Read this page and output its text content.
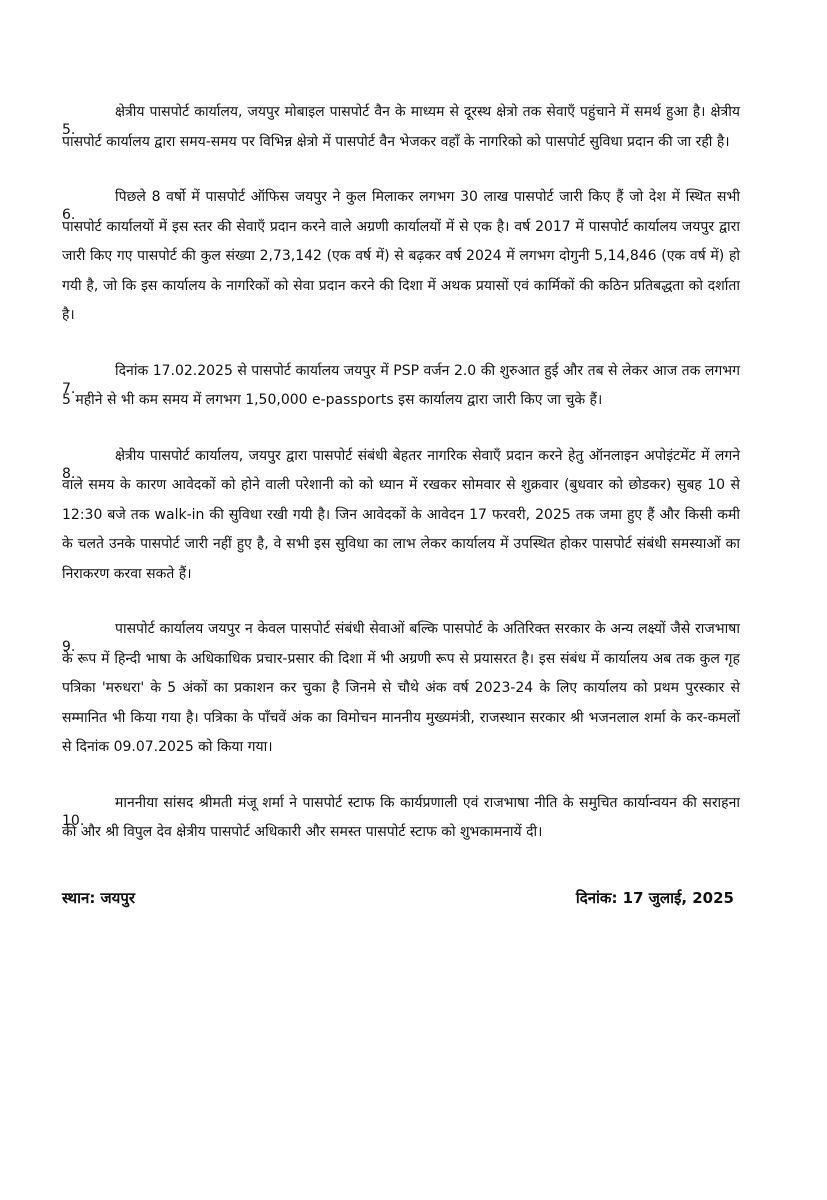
5.
क्षेत्रीय पासपोर्ट कार्यालय, जयपुर मोबाइल पासपोर्ट वैन के माध्यम से दूरस्थ क्षेत्रो तक सेवाएँ पहुंचाने में समर्थ हुआ है। क्षेत्रीय पासपोर्ट कार्यालय द्वारा समय-समय पर विभिन्न क्षेत्रो में पासपोर्ट वैन भेजकर वहाँ के नागरिको को पासपोर्ट सुविधा प्रदान की जा रही है।

6.
पिछले 8 वर्षो में पासपोर्ट ऑफिस जयपुर ने कुल मिलाकर लगभग 30 लाख पासपोर्ट जारी किए हैं जो देश में स्थित सभी पासपोर्ट कार्यालयों में इस स्तर की सेवाएँ प्रदान करने वाले अग्रणी कार्यालयों में से एक है। वर्ष 2017 में पासपोर्ट कार्यालय जयपुर द्वारा जारी किए गए पासपोर्ट की कुल संख्या 2,73,142 (एक वर्ष में) से बढ़कर वर्ष 2024 में लगभग दोगुनी 5,14,846 (एक वर्ष में) हो गयी है, जो कि इस कार्यालय के नागरिकों को सेवा प्रदान करने की दिशा में अथक प्रयासों एवं कार्मिकों की कठिन प्रतिबद्धता को दर्शाता है।

7.
दिनांक 17.02.2025 से पासपोर्ट कार्यालय जयपुर में PSP वर्जन 2.0 की शुरुआत हुई और तब से लेकर आज तक लगभग 5 महीने से भी कम समय में लगभग 1,50,000 e-passports इस कार्यालय द्वारा जारी किए जा चुके हैं।

8.
क्षेत्रीय पासपोर्ट कार्यालय, जयपुर द्वारा पासपोर्ट संबंधी बेहतर नागरिक सेवाएँ प्रदान करने हेतु ऑनलाइन अपोइंटमेंट में लगने वाले समय के कारण आवेदकों को होने वाली परेशानी को को ध्यान में रखकर सोमवार से शुक्रवार (बुधवार को छोडकर) सुबह 10 से 12:30 बजे तक walk-in की सुविधा रखी गयी है। जिन आवेदकों के आवेदन 17 फरवरी, 2025 तक जमा हुए हैं और किसी कमी के चलते उनके पासपोर्ट जारी नहीं हुए है, वे सभी इस सुविधा का लाभ लेकर कार्यालय में उपस्थित होकर पासपोर्ट संबंधी समस्याओं का निराकरण करवा सकते हैं।

9.
पासपोर्ट कार्यालय जयपुर न केवल पासपोर्ट संबंधी सेवाओं बल्कि पासपोर्ट के अतिरिक्त सरकार के अन्य लक्ष्यों जैसे राजभाषा के रूप में हिन्दी भाषा के अधिकाधिक प्रचार-प्रसार की दिशा में भी अग्रणी रूप से प्रयासरत है। इस संबंध में कार्यालय अब तक कुल गृह पत्रिका 'मरुधरा' के 5 अंकों का प्रकाशन कर चुका है जिनमे से चौथे अंक वर्ष 2023-24 के लिए कार्यालय को प्रथम पुरस्कार से सम्मानित भी किया गया है। पत्रिका के पाँचवें अंक का विमोचन माननीय मुख्यमंत्री, राजस्थान सरकार श्री भजनलाल शर्मा के कर-कमलों से दिनांक 09.07.2025 को किया गया।

10.
माननीया सांसद श्रीमती मंजू शर्मा ने पासपोर्ट स्टाफ कि कार्यप्रणाली एवं राजभाषा नीति के समुचित कार्यान्वयन की सराहना की और श्री विपुल देव क्षेत्रीय पासपोर्ट अधिकारी और समस्त पासपोर्ट स्टाफ को शुभकामनायें दी।

स्थान: जयपुर	दिनांक: 17 जुलाई, 2025
